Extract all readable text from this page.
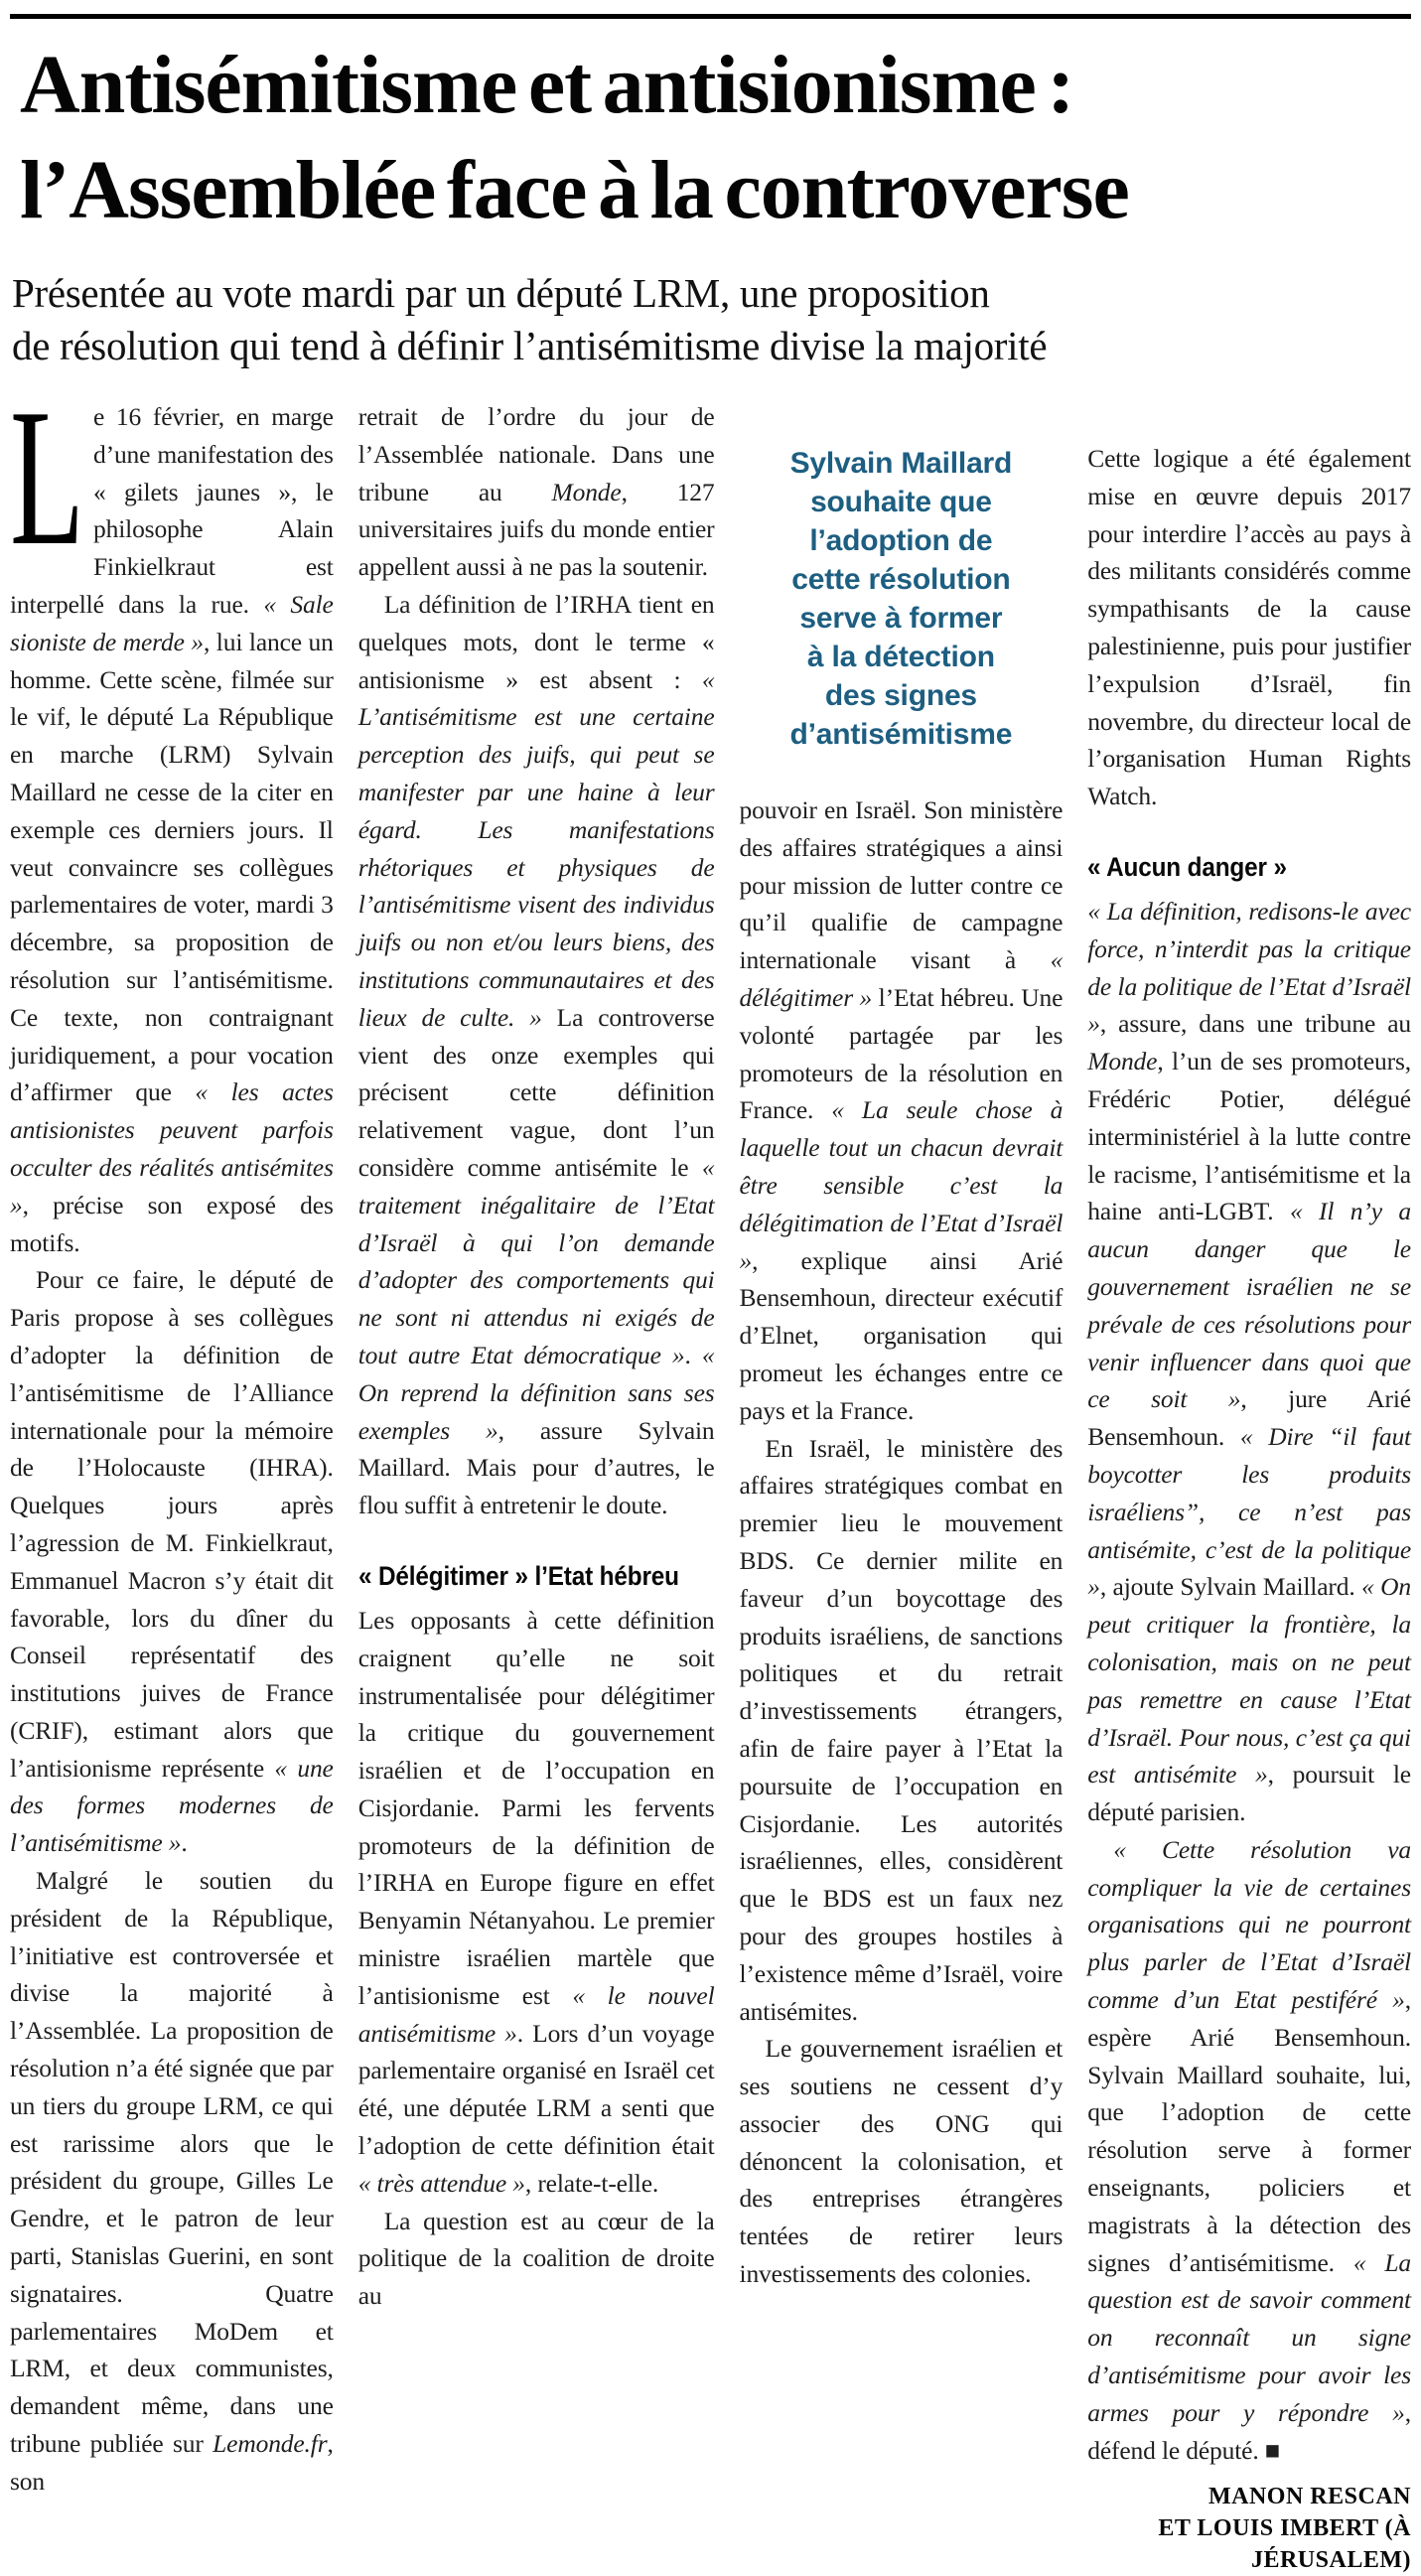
Antisémitisme et antisionisme :
l’Assemblée face à la controverse
Présentée au vote mardi par un député LRM, une proposition
de résolution qui tend à définir l’antisémitisme divise la majorité

Le 16 février, en marge d’une manifestation des « gilets jaunes », le philosophe Alain Finkielkraut est interpellé dans la rue. « Sale sioniste de merde », lui lance un homme. Cette scène, filmée sur le vif, le député La République en marche (LRM) Sylvain Maillard ne cesse de la citer en exemple ces derniers jours. Il veut convaincre ses collègues parlementaires de voter, mardi 3 décembre, sa proposition de résolution sur l’antisémitisme. Ce texte, non contraignant juridiquement, a pour vocation d’affirmer que « les actes antisionistes peuvent parfois occulter des réalités antisémites », précise son exposé des motifs.

Pour ce faire, le député de Paris propose à ses collègues d’adopter la définition de l’antisémitisme de l’Alliance internationale pour la mémoire de l’Holocauste (IHRA). Quelques jours après l’agression de M. Finkielkraut, Emmanuel Macron s’y était dit favorable, lors du dîner du Conseil représentatif des institutions juives de France (CRIF), estimant alors que l’antisionisme représente « une des formes modernes de l’antisémitisme ».

Malgré le soutien du président de la République, l’initiative est controversée et divise la majorité à l’Assemblée. La proposition de résolution n’a été signée que par un tiers du groupe LRM, ce qui est rarissime alors que le président du groupe, Gilles Le Gendre, et le patron de leur parti, Stanislas Guerini, en sont signataires. Quatre parlementaires MoDem et LRM, et deux communistes, demandent même, dans une tribune publiée sur Lemonde.fr, son

retrait de l’ordre du jour de l’Assemblée nationale. Dans une tribune au Monde, 127 universitaires juifs du monde entier appellent aussi à ne pas la soutenir.

La définition de l’IRHA tient en quelques mots, dont le terme « antisionisme » est absent : « L’antisémitisme est une certaine perception des juifs, qui peut se manifester par une haine à leur égard. Les manifestations rhétoriques et physiques de l’antisémitisme visent des individus juifs ou non et/ou leurs biens, des institutions communautaires et des lieux de culte. » La controverse vient des onze exemples qui précisent cette définition relativement vague, dont l’un considère comme antisémite le « traitement inégalitaire de l’Etat d’Israël à qui l’on demande d’adopter des comportements qui ne sont ni attendus ni exigés de tout autre Etat démocratique ». « On reprend la définition sans ses exemples », assure Sylvain Maillard. Mais pour d’autres, le flou suffit à entretenir le doute.

« Délégitimer » l’Etat hébreu

Les opposants à cette définition craignent qu’elle ne soit instrumentalisée pour délégitimer la critique du gouvernement israélien et de l’occupation en Cisjordanie. Parmi les fervents promoteurs de la définition de l’IRHA en Europe figure en effet Benyamin Nétanyahou. Le premier ministre israélien martèle que l’antisionisme est « le nouvel antisémitisme ». Lors d’un voyage parlementaire organisé en Israël cet été, une députée LRM a senti que l’adoption de cette définition était « très attendue », relate-t-elle.

La question est au cœur de la politique de la coalition de droite au

Sylvain Maillard
souhaite que
l’adoption de
cette résolution
serve à former
à la détection
des signes
d’antisémitisme

pouvoir en Israël. Son ministère des affaires stratégiques a ainsi pour mission de lutter contre ce qu’il qualifie de campagne internationale visant à « délégitimer » l’Etat hébreu. Une volonté partagée par les promoteurs de la résolution en France. « La seule chose à laquelle tout un chacun devrait être sensible c’est la délégitimation de l’Etat d’Israël », explique ainsi Arié Bensemhoun, directeur exécutif d’Elnet, organisation qui promeut les échanges entre ce pays et la France.

En Israël, le ministère des affaires stratégiques combat en premier lieu le mouvement BDS. Ce dernier milite en faveur d’un boycottage des produits israéliens, de sanctions politiques et du retrait d’investissements étrangers, afin de faire payer à l’Etat la poursuite de l’occupation en Cisjordanie. Les autorités israéliennes, elles, considèrent que le BDS est un faux nez pour des groupes hostiles à l’existence même d’Israël, voire antisémites.

Le gouvernement israélien et ses soutiens ne cessent d’y associer des ONG qui dénoncent la colonisation, et des entreprises étrangères tentées de retirer leurs investissements des colonies.

Cette logique a été également mise en œuvre depuis 2017 pour interdire l’accès au pays à des militants considérés comme sympathisants de la cause palestinienne, puis pour justifier l’expulsion d’Israël, fin novembre, du directeur local de l’organisation Human Rights Watch.

« Aucun danger »

« La définition, redisons-le avec force, n’interdit pas la critique de la politique de l’Etat d’Israël », assure, dans une tribune au Monde, l’un de ses promoteurs, Frédéric Potier, délégué interministériel à la lutte contre le racisme, l’antisémitisme et la haine anti-LGBT. « Il n’y a aucun danger que le gouvernement israélien ne se prévale de ces résolutions pour venir influencer dans quoi que ce soit », jure Arié Bensemhoun. « Dire “il faut boycotter les produits israéliens”, ce n’est pas antisémite, c’est de la politique », ajoute Sylvain Maillard. « On peut critiquer la frontière, la colonisation, mais on ne peut pas remettre en cause l’Etat d’Israël. Pour nous, c’est ça qui est antisémite », poursuit le député parisien.

« Cette résolution va compliquer la vie de certaines organisations qui ne pourront plus parler de l’Etat d’Israël comme d’un Etat pestiféré », espère Arié Bensemhoun. Sylvain Maillard souhaite, lui, que l’adoption de cette résolution serve à former enseignants, policiers et magistrats à la détection des signes d’antisémitisme. « La question est de savoir comment on reconnaît un signe d’antisémitisme pour avoir les armes pour y répondre », défend le député. ■

MANON RESCAN
ET LOUIS IMBERT (À JÉRUSALEM)
